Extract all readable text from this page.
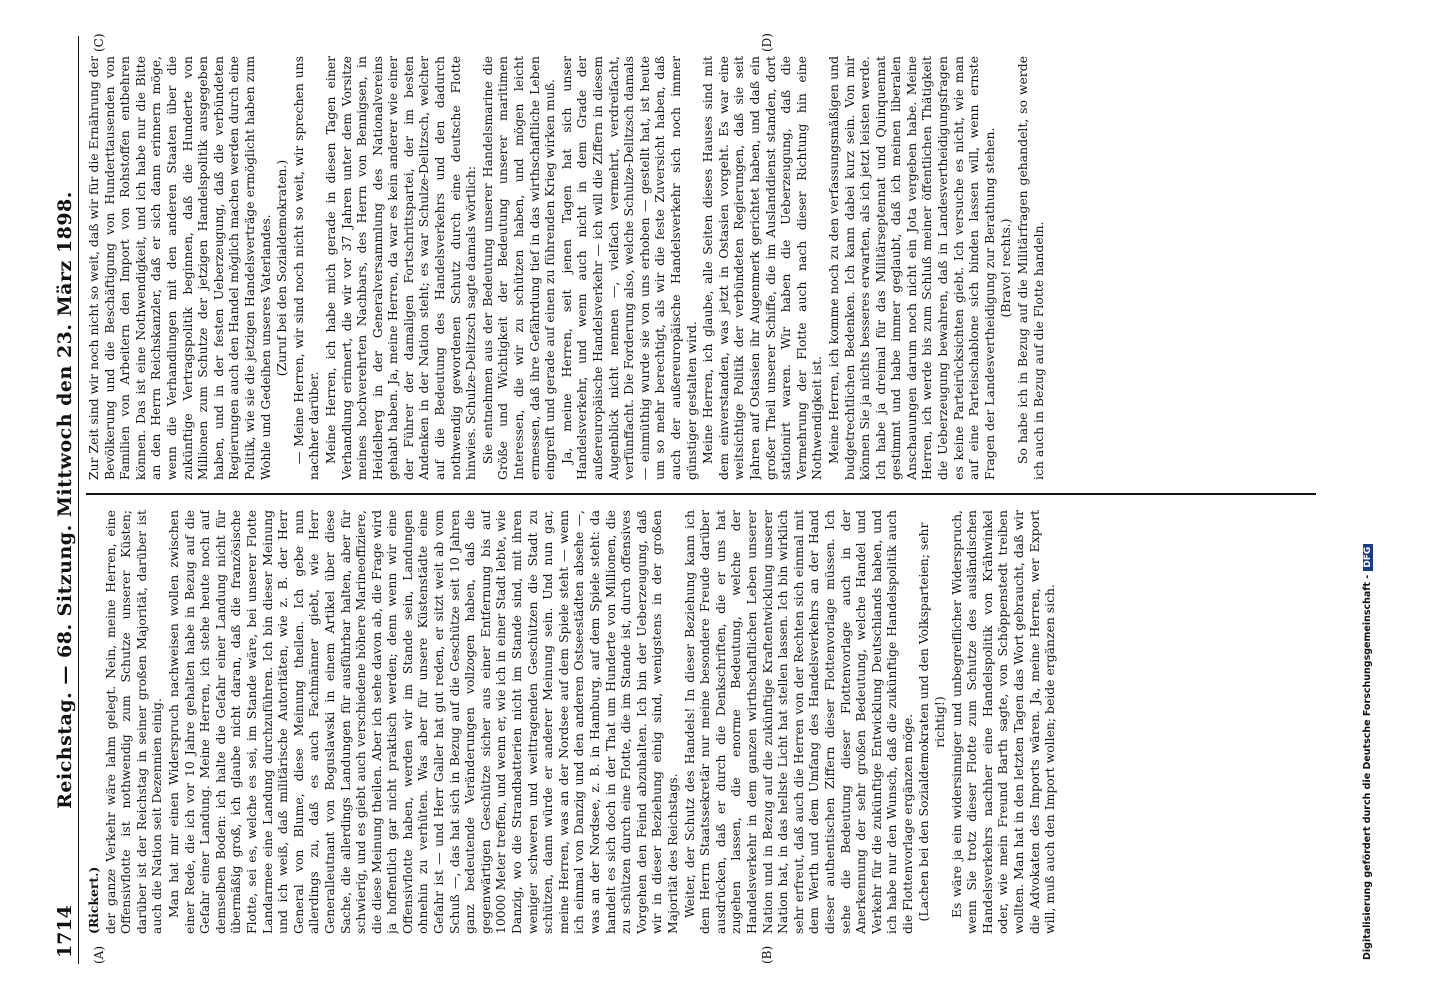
1714
Reichstag. — 68. Sitzung. Mittwoch den 23. März 1898.
(A)	(B)
(C)	(D)

(Rickert.) der ganze Verkehr wäre lahm gelegt. Nein, meine Herren, eine Offensivflotte ist nothwendig zum Schutze unserer Küsten; darüber ist der Reichstag in seiner großen Majorität, darüber ist auch die Nation seit Dezennien einig. Man hat mir einen Widerspruch nachweisen wollen zwischen einer Rede, die ich vor 10 Jahre gehalten habe in Bezug auf die Gefahr einer Landung. Meine Herren, ich stehe heute noch auf demselben Boden: ich halte die Gefahr einer Landung nicht für übermäßig groß, ich glaube nicht daran, daß die französische Flotte, sei es, welche es sei, im Stande wäre, bei unserer Flotte Landarmee eine Landung durchzuführen. Ich bin dieser Meinung und ich weiß, daß militärische Autoritäten, wie z. B. der Herr General von Blume, diese Meinung theilen. Ich gebe nun allerdings zu, daß es auch Fachmänner giebt, wie Herr Generalleutnant von Boguslawski in einem Artikel über diese Sache, die allerdings Landungen für ausführbar halten, aber für schwierig, und es giebt auch verschiedene höhere Marineoffiziere, die diese Meinung theilen. Aber ich sehe davon ab, die Frage wird ja hoffentlich gar nicht praktisch werden; denn wenn wir eine Offensivflotte haben, werden wir im Stande sein, Landungen ohnehin zu verhüten. Was aber für unsere Küstenstädte eine Gefahr ist — und Herr Galler hat gut reden, er sitzt weit ab vom Schuß —, das hat sich in Bezug auf die Geschütze seit 10 Jahren ganz bedeutende Veränderungen vollzogen haben, daß die gegenwärtigen Geschütze sicher aus einer Entfernung bis auf 10000 Meter treffen, und wenn er, wie ich in einer Stadt lebte, wie Danzig, wo die Strandbatterien nicht im Stande sind, mit ihren weniger schweren und weittragenden Geschützen die Stadt zu schützen, dann würde er anderer Meinung sein. Und nun gar, meine Herren, was an der Nordsee auf dem Spiele steht — wenn ich einmal von Danzig und den anderen Ostseestädten absehe —, was an der Nordsee, z. B. in Hamburg, auf dem Spiele steht: da handelt es sich doch in der That um Hunderte von Millionen, die zu schützen durch eine Flotte, die im Stande ist, durch offensives Vorgehen den Feind abzuhalten. Ich bin der Ueberzeugung, daß wir in dieser Beziehung einig sind, wenigstens in der großen Majorität des Reichstags. Weiter, der Schutz des Handels! In dieser Beziehung kann ich dem Herrn Staatssekretär nur meine besondere Freude darüber ausdrücken, daß er durch die Denkschriften, die er uns hat zugehen lassen, die enorme Bedeutung, welche der Handelsverkehr in dem ganzen wirthschaftlichen Leben unserer Nation und in Bezug auf die zukünftige Kraftentwicklung unserer Nation hat, in das hellste Licht hat stellen lassen. Ich bin wirklich sehr erfreut, daß auch die Herren von der Rechten sich einmal mit dem Werth und dem Umfang des Handelsverkehrs an der Hand dieser authentischen Ziffern dieser Flottenvorlage müssen. Ich sehe die Bedeutung dieser Flottenvorlage auch in der Anerkennung der sehr großen Bedeutung, welche Handel und Verkehr für die zukünftige Entwicklung Deutschlands haben, und ich habe nur den Wunsch, daß die zukünftige Handelspolitik auch die Flottenvorlage ergänzen möge. (Lachen bei den Sozialdemokraten und den Volksparteien; sehr richtig!) Es wäre ja ein widersinniger und unbegreiflicher Widerspruch, wenn Sie trotz dieser Flotte zum Schutze des ausländischen Handelsverkehrs nachher eine Handelspolitik von Krähwinkel oder, wie mein Freund Barth sagte, von Schöppenstedt treiben wollten. Man hat in den letzten Tagen das Wort gebraucht, daß wir die Advokaten des Imports wären. Ja, meine Herren, wer Export will, muß auch den Import wollen; beide ergänzen sich.

Zur Zeit sind wir noch nicht so weit, daß wir für die Ernährung der Bevölkerung und die Beschäftigung von Hunderttausenden von Familien von Arbeitern den Import von Rohstoffen entbehren können. Das ist eine Nothwendigkeit, und ich habe nur die Bitte an den Herrn Reichskanzler, daß er sich dann erinnern möge, wenn die Verhandlungen mit den anderen Staaten über die zukünftige Vertragspolitik beginnen, daß die Hunderte von Millionen zum Schutze der jetzigen Handelspolitik ausgegeben haben, und in der festen Ueberzeugung, daß die verbündeten Regierungen auch den Handel möglich machen werden durch eine Politik, wie sie die jetzigen Handelsverträge ermöglicht haben zum Wohle und Gedeihen unseres Vaterlandes. (Zuruf bei den Sozialdemokraten.) — Meine Herren, wir sind noch nicht so weit, wir sprechen uns nachher darüber. Meine Herren, ich habe mich gerade in diesen Tagen einer Verhandlung erinnert, die wir vor 37 Jahren unter dem Vorsitze meines hochverehrten Nachbars, des Herrn von Bennigsen, in Heidelberg in der Generalversammlung des Nationalvereins gehabt haben. Ja, meine Herren, da war es kein anderer wie einer der Führer der damaligen Fortschrittspartei, der im besten Andenken in der Nation steht; es war Schulze-Delitzsch, welcher auf die Bedeutung des Handelsverkehrs und den dadurch nothwendig gewordenen Schutz durch eine deutsche Flotte hinwies. Schulze-Delitzsch sagte damals wörtlich: Sie entnehmen aus der Bedeutung unserer Handelsmarine die Größe und Wichtigkeit der Bedeutung unserer maritimen Interessen, die wir zu schützen haben, und mögen leicht ermessen, daß ihre Gefährdung tief in das wirthschaftliche Leben eingreift und gerade auf einen zu führenden Krieg wirken muß. Ja, meine Herren, seit jenen Tagen hat sich unser Handelsverkehr, und wenn auch nicht in dem Grade der außereuropäische Handelsverkehr — ich will die Ziffern in diesem Augenblick nicht nennen —, vielfach vermehrt, verdreifacht, verfünffacht. Die Forderung also, welche Schulze-Delitzsch damals — einmüthig wurde sie von uns erhoben — gestellt hat, ist heute um so mehr berechtigt, als wir die feste Zuversicht haben, daß auch der außereuropäische Handelsverkehr sich noch immer günstiger gestalten wird. Meine Herren, ich glaube, alle Seiten dieses Hauses sind mit dem einverstanden, was jetzt in Ostasien vorgeht. Es war eine weitsichtige Politik der verbündeten Regierungen, daß sie seit Jahren auf Ostasien ihr Augenmerk gerichtet haben, und daß ein großer Theil unserer Schiffe, die im Auslanddienst standen, dort stationirt waren. Wir haben die Ueberzeugung, daß die Vermehrung der Flotte auch nach dieser Richtung hin eine Nothwendigkeit ist. Meine Herren, ich komme noch zu den verfassungsmäßigen und budgetrechtlichen Bedenken. Ich kann dabei kurz sein. Von mir können Sie ja nichts besseres erwarten, als ich jetzt leisten werde. Ich habe ja dreimal für das Militärseptennat und Quinquennat gestimmt und habe immer geglaubt, daß ich meinen liberalen Anschauungen darum noch nicht ein Jota vergeben habe. Meine Herren, ich werde bis zum Schluß meiner öffentlichen Thätigkeit die Ueberzeugung bewahren, daß in Landesvertheidigungsfragen es keine Parteirücksichten giebt. Ich versuche es nicht, wie man auf eine Parteischablone sich binden lassen will, wenn ernste Fragen der Landesvertheidigung zur Berathung stehen. (Bravo! rechts.) So habe ich in Bezug auf die Militärfragen gehandelt, so werde ich auch in Bezug auf die Flotte handeln.

Digitalisierung gefördert durch die Deutsche Forschungsgemeinschaft -DFG
